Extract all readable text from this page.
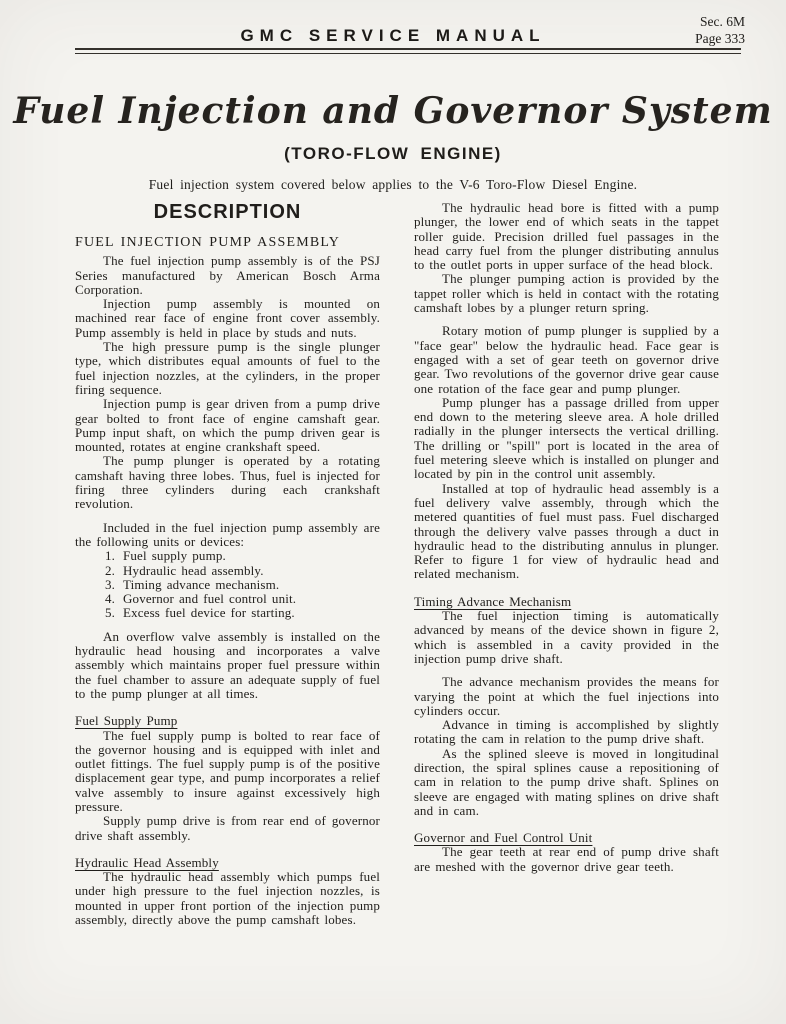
GMC SERVICE MANUAL
Sec. 6M
Page 333
Fuel Injection and Governor System
(TORO-FLOW ENGINE)
Fuel injection system covered below applies to the V-6 Toro-Flow Diesel Engine.
DESCRIPTION
FUEL INJECTION PUMP ASSEMBLY
The fuel injection pump assembly is of the PSJ Series manufactured by American Bosch Arma Corporation.
Injection pump assembly is mounted on machined rear face of engine front cover assembly. Pump assembly is held in place by studs and nuts.
The high pressure pump is the single plunger type, which distributes equal amounts of fuel to the fuel injection nozzles, at the cylinders, in the proper firing sequence.
Injection pump is gear driven from a pump drive gear bolted to front face of engine camshaft gear. Pump input shaft, on which the pump driven gear is mounted, rotates at engine crankshaft speed.
The pump plunger is operated by a rotating camshaft having three lobes. Thus, fuel is injected for firing three cylinders during each crankshaft revolution.
Included in the fuel injection pump assembly are the following units or devices:
1. Fuel supply pump.
2. Hydraulic head assembly.
3. Timing advance mechanism.
4. Governor and fuel control unit.
5. Excess fuel device for starting.
An overflow valve assembly is installed on the hydraulic head housing and incorporates a valve assembly which maintains proper fuel pressure within the fuel chamber to assure an adequate supply of fuel to the pump plunger at all times.
Fuel Supply Pump
The fuel supply pump is bolted to rear face of the governor housing and is equipped with inlet and outlet fittings. The fuel supply pump is of the positive displacement gear type, and pump incorporates a relief valve assembly to insure against excessively high pressure.
Supply pump drive is from rear end of governor drive shaft assembly.
Hydraulic Head Assembly
The hydraulic head assembly which pumps fuel under high pressure to the fuel injection nozzles, is mounted in upper front portion of the injection pump assembly, directly above the pump camshaft lobes.
The hydraulic head bore is fitted with a pump plunger, the lower end of which seats in the tappet roller guide. Precision drilled fuel passages in the head carry fuel from the plunger distributing annulus to the outlet ports in upper surface of the head block.
The plunger pumping action is provided by the tappet roller which is held in contact with the rotating camshaft lobes by a plunger return spring.
Rotary motion of pump plunger is supplied by a "face gear" below the hydraulic head. Face gear is engaged with a set of gear teeth on governor drive gear. Two revolutions of the governor drive gear cause one rotation of the face gear and pump plunger.
Pump plunger has a passage drilled from upper end down to the metering sleeve area. A hole drilled radially in the plunger intersects the vertical drilling. The drilling or "spill" port is located in the area of fuel metering sleeve which is installed on plunger and located by pin in the control unit assembly.
Installed at top of hydraulic head assembly is a fuel delivery valve assembly, through which the metered quantities of fuel must pass. Fuel discharged through the delivery valve passes through a duct in hydraulic head to the distributing annulus in plunger. Refer to figure 1 for view of hydraulic head and related mechanism.
Timing Advance Mechanism
The fuel injection timing is automatically advanced by means of the device shown in figure 2, which is assembled in a cavity provided in the injection pump drive shaft.
The advance mechanism provides the means for varying the point at which the fuel injections into cylinders occur.
Advance in timing is accomplished by slightly rotating the cam in relation to the pump drive shaft.
As the splined sleeve is moved in longitudinal direction, the spiral splines cause a repositioning of cam in relation to the pump drive shaft. Splines on sleeve are engaged with mating splines on drive shaft and in cam.
Governor and Fuel Control Unit
The gear teeth at rear end of pump drive shaft are meshed with the governor drive gear teeth.
